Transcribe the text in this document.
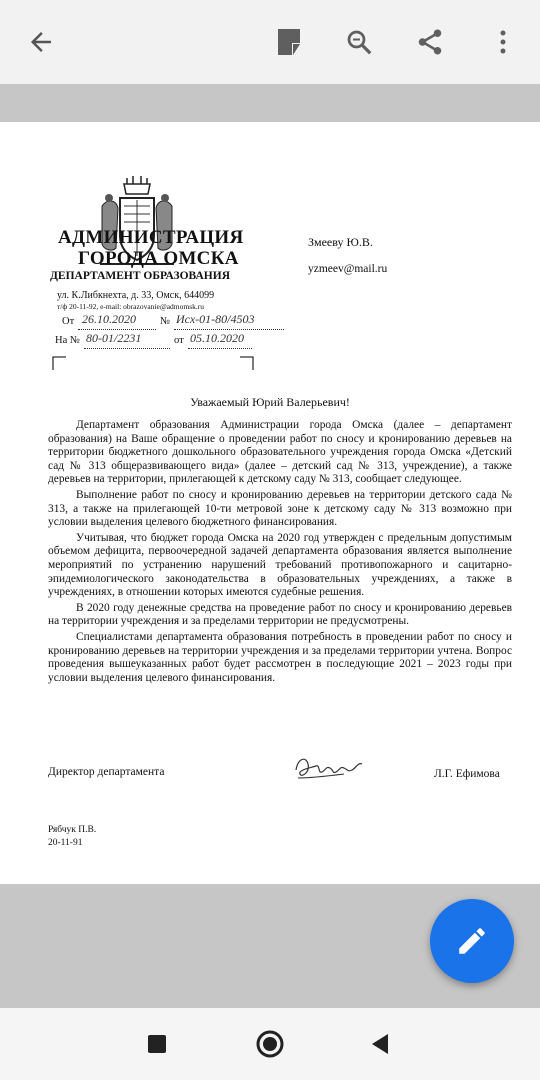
АДМИНИСТРАЦИЯ
ГОРОДА ОМСКА
ДЕПАРТАМЕНТ ОБРАЗОВАНИЯ
ул. К.Либкнехта, д. 33, Омск, 644099
т/ф 20-11-92, e-mail: obrazovanie@admomsk.ru
От 26.10.2020 № Исх-01-80/4503
На № 80-01/2231	от 05.10.2020
Змееву Ю.В.
yzmeev@mail.ru
Уважаемый Юрий Валерьевич!

Департамент образования Администрации города Омска (далее – департамент образования) на Ваше обращение о проведении работ по сносу и кронированию деревьев на территории бюджетного дошкольного образовательного учреждения города Омска «Детский сад № 313 общеразвивающего вида» (далее – детский сад № 313, учреждение), а также деревьев на территории, прилегающей к детскому саду № 313, сообщает следующее.

Выполнение работ по сносу и кронированию деревьев на территории детского сада № 313, а также на прилегающей 10-ти метровой зоне к детскому саду № 313 возможно при условии выделения целевого бюджетного финансирования.

Учитывая, что бюджет города Омска на 2020 год утвержден с предельным допустимым объемом дефицита, первоочередной задачей департамента образования является выполнение мероприятий по устранению нарушений требований противопожарного и сацитарно-эпидемиологического законодательства в образовательных учреждениях, а также в учреждениях, в отношении которых имеются судебные решения.

В 2020 году денежные средства на проведение работ по сносу и кронированию деревьев на территории учреждения и за пределами территории не предусмотрены.

Специалистами департамента образования потребность в проведении работ по сносу и кронированию деревьев на территории учреждения и за пределами территории учтена. Вопрос проведения вышеуказанных работ будет рассмотрен в последующие 2021 – 2023 годы при условии выделения целевого финансирования.

Директор департамента	Л.Г. Ефимова
Рябчук П.В.
20-11-91
